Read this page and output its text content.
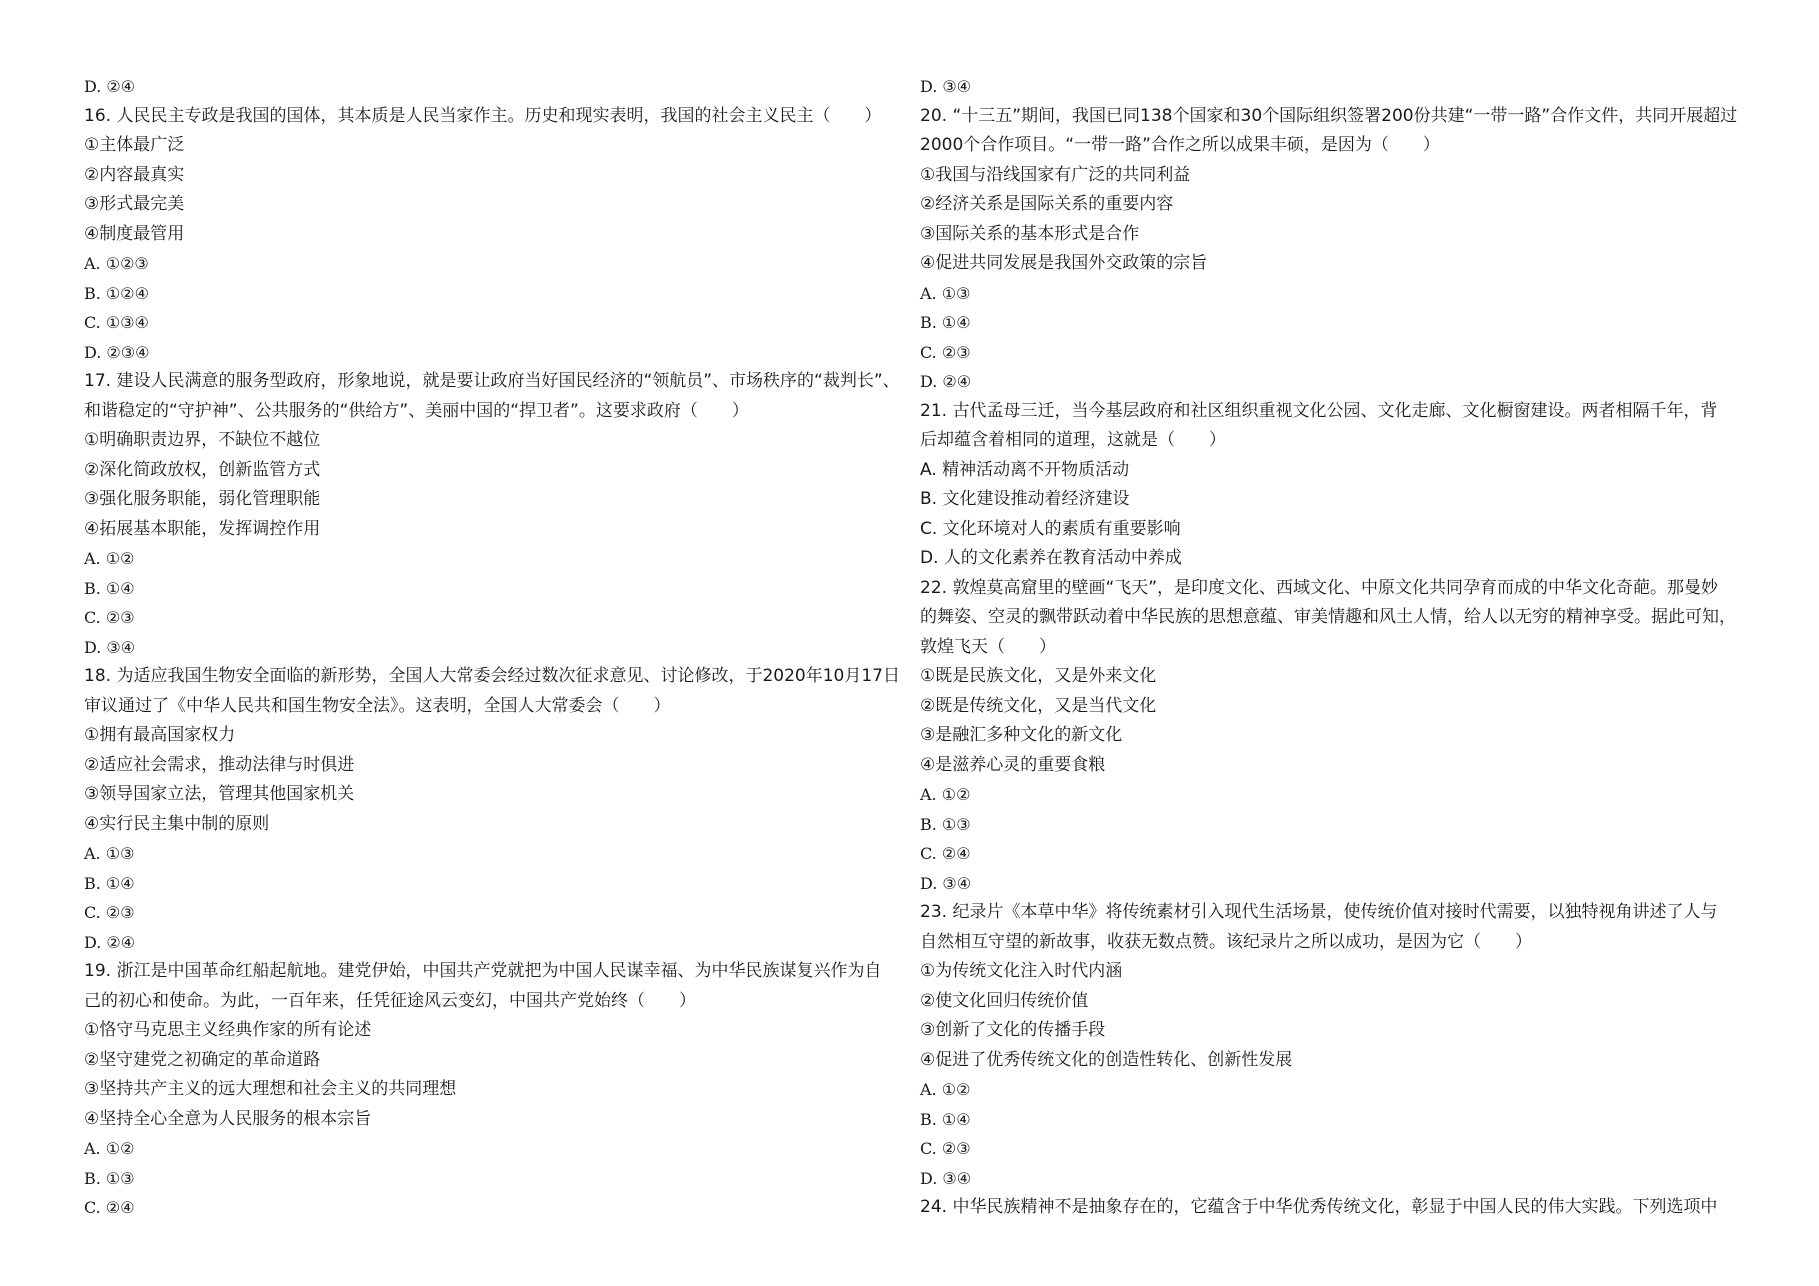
D. ②④
16. 人民民主专政是我国的国体，其本质是人民当家作主。历史和现实表明，我国的社会主义民主（　　）
①主体最广泛
②内容最真实
③形式最完美
④制度最管用
A. ①②③
B. ①②④
C. ①③④
D. ②③④
17. 建设人民满意的服务型政府，形象地说，就是要让政府当好国民经济的“领航员”、市场秩序的“裁判长”、
和谐稳定的“守护神”、公共服务的“供给方”、美丽中国的“捍卫者”。这要求政府（　　）
①明确职责边界，不缺位不越位
②深化简政放权，创新监管方式
③强化服务职能，弱化管理职能
④拓展基本职能，发挥调控作用
A. ①②
B. ①④
C. ②③
D. ③④
18. 为适应我国生物安全面临的新形势，全国人大常委会经过数次征求意见、讨论修改，于2020年10月17日
审议通过了《中华人民共和国生物安全法》。这表明，全国人大常委会（　　）
①拥有最高国家权力
②适应社会需求，推动法律与时俱进
③领导国家立法，管理其他国家机关
④实行民主集中制的原则
A. ①③
B. ①④
C. ②③
D. ②④
19. 浙江是中国革命红船起航地。建党伊始，中国共产党就把为中国人民谋幸福、为中华民族谋复兴作为自
己的初心和使命。为此，一百年来，任凭征途风云变幻，中国共产党始终（　　）
①恪守马克思主义经典作家的所有论述
②坚守建党之初确定的革命道路
③坚持共产主义的远大理想和社会主义的共同理想
④坚持全心全意为人民服务的根本宗旨
A. ①②
B. ①③
C. ②④
D. ③④
20. “十三五”期间，我国已同138个国家和30个国际组织签署200份共建“一带一路”合作文件，共同开展超过
2000个合作项目。“一带一路”合作之所以成果丰硕，是因为（　　）
①我国与沿线国家有广泛的共同利益
②经济关系是国际关系的重要内容
③国际关系的基本形式是合作
④促进共同发展是我国外交政策的宗旨
A. ①③
B. ①④
C. ②③
D. ②④
21. 古代孟母三迁，当今基层政府和社区组织重视文化公园、文化走廊、文化橱窗建设。两者相隔千年，背
后却蕴含着相同的道理，这就是（　　）
A. 精神活动离不开物质活动
B. 文化建设推动着经济建设
C. 文化环境对人的素质有重要影响
D. 人的文化素养在教育活动中养成
22. 敦煌莫高窟里的壁画“飞天”，是印度文化、西域文化、中原文化共同孕育而成的中华文化奇葩。那曼妙
的舞姿、空灵的飘带跃动着中华民族的思想意蕴、审美情趣和风土人情，给人以无穷的精神享受。据此可知，
敦煌飞天（　　）
①既是民族文化，又是外来文化
②既是传统文化，又是当代文化
③是融汇多种文化的新文化
④是滋养心灵的重要食粮
A. ①②
B. ①③
C. ②④
D. ③④
23. 纪录片《本草中华》将传统素材引入现代生活场景，使传统价值对接时代需要，以独特视角讲述了人与
自然相互守望的新故事，收获无数点赞。该纪录片之所以成功，是因为它（　　）
①为传统文化注入时代内涵
②使文化回归传统价值
③创新了文化的传播手段
④促进了优秀传统文化的创造性转化、创新性发展
A. ①②
B. ①④
C. ②③
D. ③④
24. 中华民族精神不是抽象存在的，它蕴含于中华优秀传统文化，彰显于中国人民的伟大实践。下列选项中
